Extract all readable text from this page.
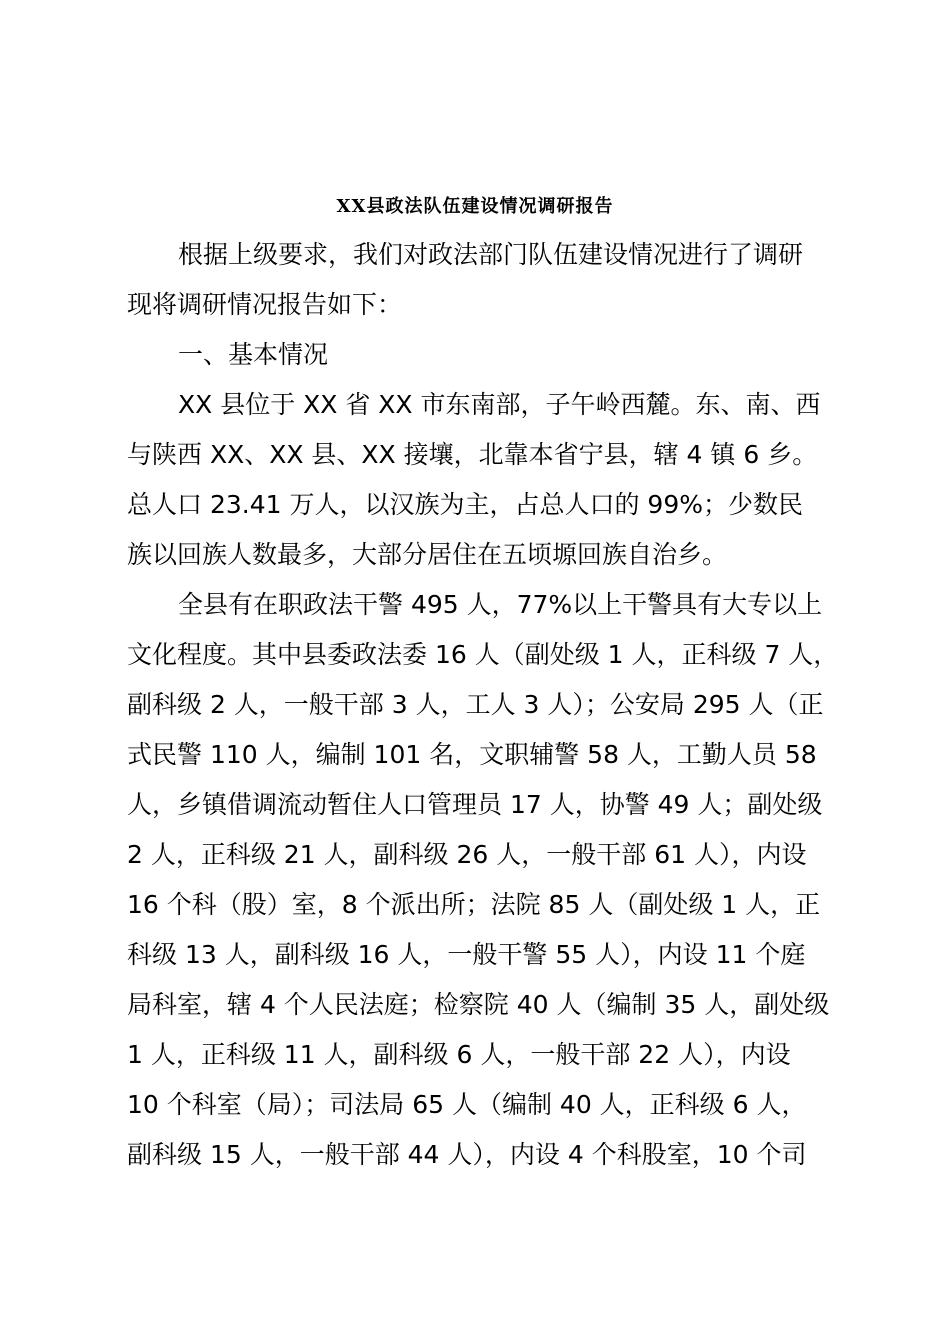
XX县政法队伍建设情况调研报告
根据上级要求，我们对政法部门队伍建设情况进行了调研
现将调研情况报告如下：
一、基本情况
XX 县位于 XX 省 XX 市东南部，子午岭西麓。东、南、西
与陕西 XX、XX 县、XX 接壤，北靠本省宁县，辖 4 镇 6 乡。
总人口 23.41 万人，以汉族为主，占总人口的 99%；少数民
族以回族人数最多，大部分居住在五顷塬回族自治乡。
全县有在职政法干警 495 人，77%以上干警具有大专以上
文化程度。其中县委政法委 16 人（副处级 1 人，正科级 7 人，
副科级 2 人，一般干部 3 人，工人 3 人）；公安局 295 人（正
式民警 110 人，编制 101 名，文职辅警 58 人，工勤人员 58
人，乡镇借调流动暂住人口管理员 17 人，协警 49 人；副处级
2 人，正科级 21 人，副科级 26 人，一般干部 61 人），内设
16 个科（股）室，8 个派出所；法院 85 人（副处级 1 人，正
科级 13 人，副科级 16 人，一般干警 55 人），内设 11 个庭
局科室，辖 4 个人民法庭；检察院 40 人（编制 35 人，副处级
1 人，正科级 11 人，副科级 6 人，一般干部 22 人），内设
10 个科室（局）；司法局 65 人（编制 40 人，正科级 6 人，
副科级 15 人，一般干部 44 人），内设 4 个科股室，10 个司
